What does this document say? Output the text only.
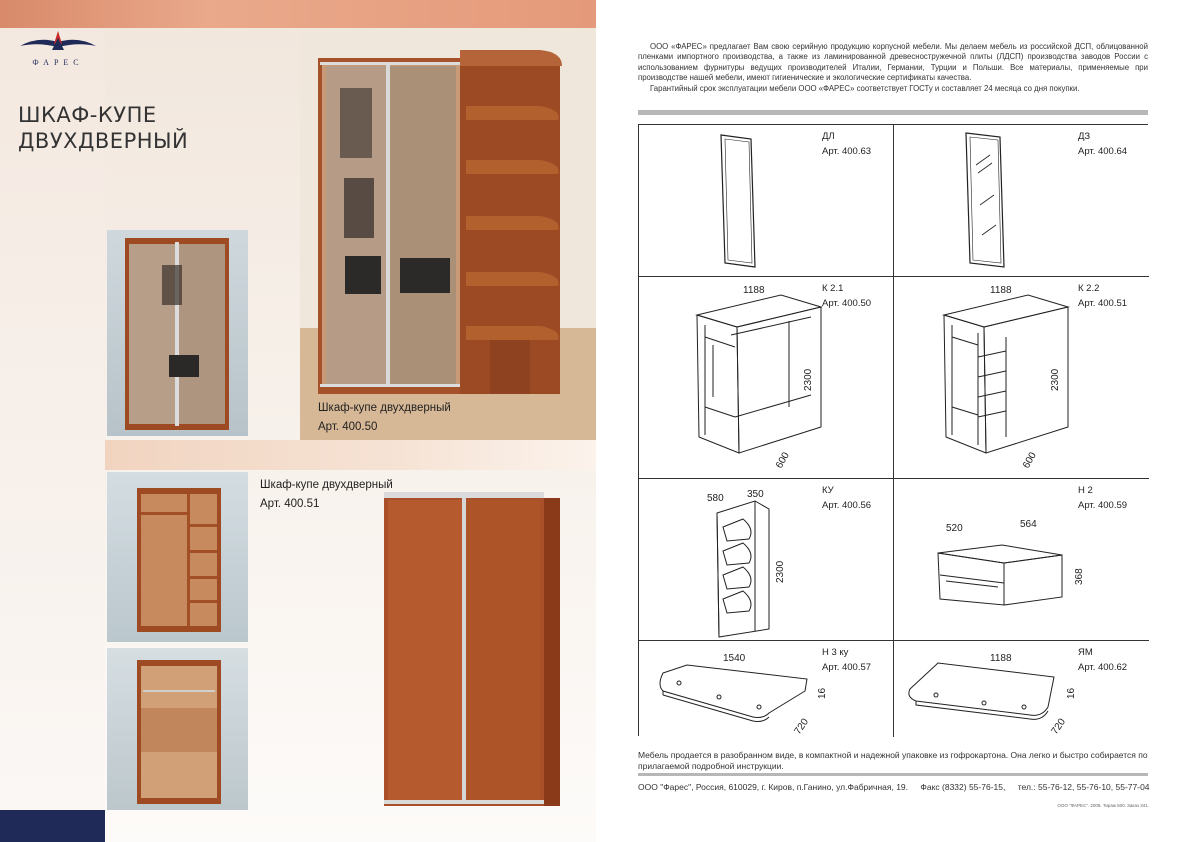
ФАРЕС
ШКАФ-КУПЕ
ДВУХДВЕРНЫЙ
Шкаф-купе двухдверный
Арт. 400.50
Шкаф-купе двухдверный
Арт. 400.51

ООО «ФАРЕС» предлагает Вам свою серийную продукцию корпусной мебели. Мы делаем мебель из российской ДСП, облицованной пленками импортного производства, а также из ламинированной древесностружечной плиты (ЛДСП) производства заводов России с использованием фурнитуры ведущих производителей Италии, Германии, Турции и Польши. Все материалы, применяемые при производстве нашей мебели, имеют гигиенические и экологические сертификаты качества.

Гарантийный срок эксплуатации мебели ООО «ФАРЕС» соответствует ГОСТу и составляет 24 месяца со дня покупки.

ДЛ
Арт. 400.63
ДЗ
Арт. 400.64
1188
2300
600
К 2.1
Арт. 400.50
1188
2300
600
К 2.2
Арт. 400.51
580 350
2300
КУ
Арт. 400.56
520	564
368
Н 2
Арт. 400.59
1540
16
720
Н 3 ку
Арт. 400.57
1188
16
720
ЯМ
Арт. 400.62
Мебель продается в разобранном виде, в компактной и надежной упаковке из гофрокартона. Она легко и быстро собирается по прилагаемой подробной инструкции.
ООО "Фарес", Россия, 610029, г. Киров, п.Ганино, ул.Фабричная, 19. Факс (8332) 55-76-15, тел.: 55-76-12, 55-76-10, 55-77-04
ООО "ФАРЕС". 2008. Тираж 500. Заказ 341.
